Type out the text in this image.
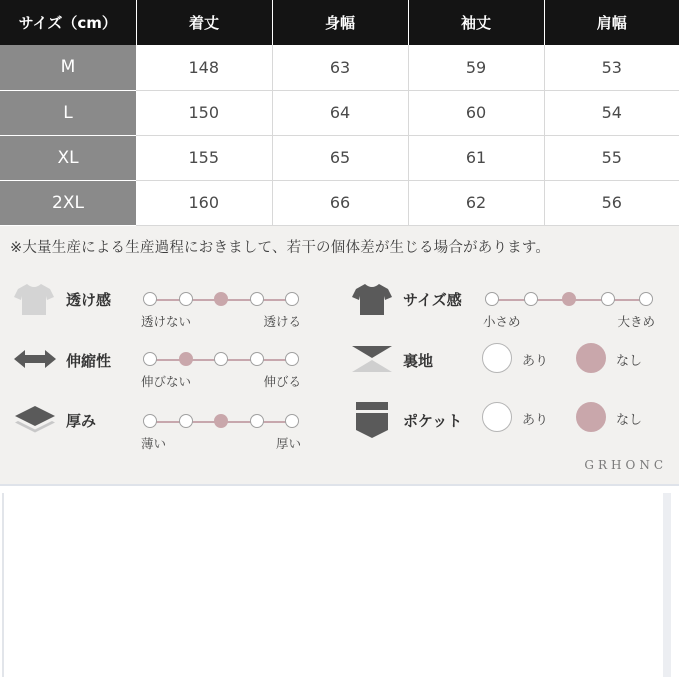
サイズ（cm）	着丈	身幅	袖丈	肩幅
M	148	63	59	53
L	150	64	60	54
XL	155	65	61	55
2XL	160	66	62	56
※大量生産による生産過程におきまして、若干の個体差が生じる場合があります。
透け感
透けない	透ける
伸縮性
伸びない	伸びる
厚み
薄い	厚い
サイズ感
小さめ	大きめ
裏地	あり	なし
ポケット	あり	なし
GRHONC
